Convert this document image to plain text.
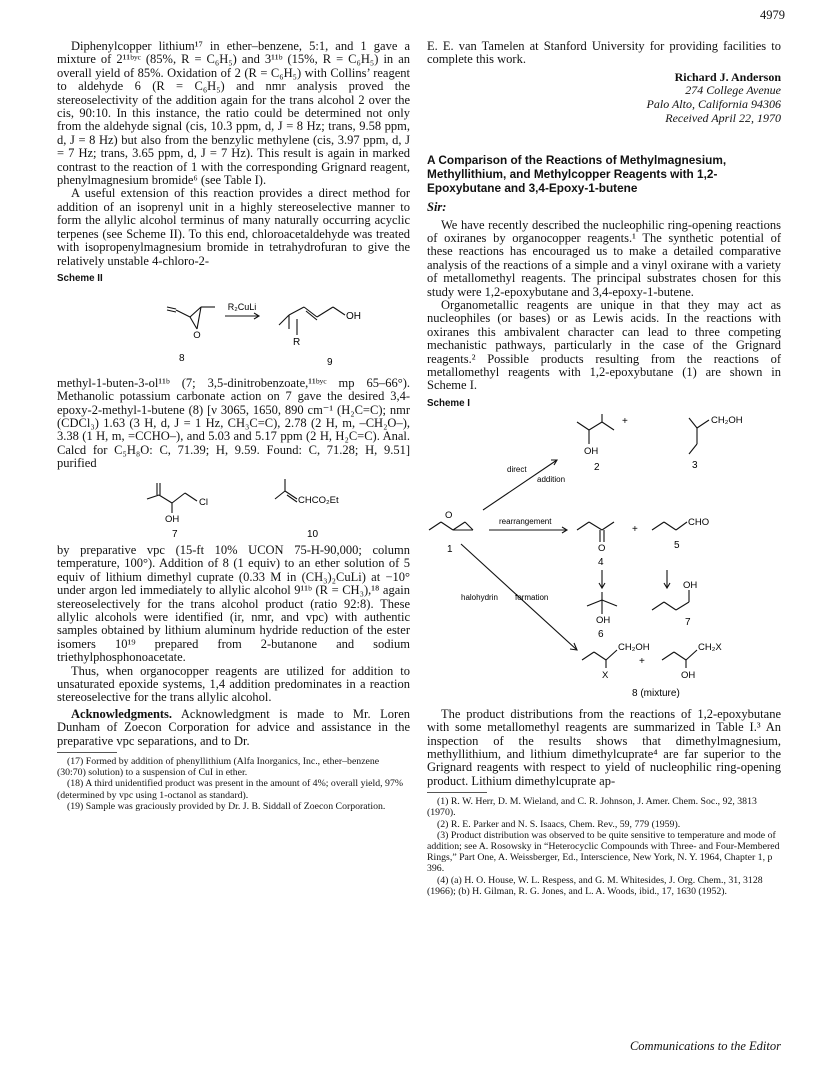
4979

Diphenylcopper lithium¹⁷ in ether–benzene, 5:1, and 1 gave a mixture of 2¹¹ᵇʸᶜ (85%, R = C₆H₅) and 3¹¹ᵇ (15%, R = C₆H₅) in an overall yield of 85%. Oxidation of 2 (R = C₆H₅) with Collins’ reagent to aldehyde 6 (R = C₆H₅) and nmr analysis proved the stereoselectivity of the addition again for the trans alcohol 2 over the cis, 90:10. In this instance, the ratio could be determined not only from the aldehyde signal (cis, 10.3 ppm, d, J = 8 Hz; trans, 9.58 ppm, d, J = 8 Hz) but also from the benzylic methylene (cis, 3.97 ppm, d, J = 7 Hz; trans, 3.65 ppm, d, J = 7 Hz). This result is again in marked contrast to the reaction of 1 with the corresponding Grignard reagent, phenylmagnesium bromide⁶ (see Table I).

A useful extension of this reaction provides a direct method for addition of an isoprenyl unit in a highly stereoselective manner to form the allylic alcohol terminus of many naturally occurring acyclic terpenes (see Scheme II). To this end, chloroacetaldehyde was treated with isopropenylmagnesium bromide in tetrahydrofuran to give the relatively unstable 4-chloro-2-

Scheme II
O
R₂CuLi
OH
R
8	9

methyl-1-buten-3-ol¹¹ᵇ (7; 3,5-dinitrobenzoate,¹¹ᵇʸᶜ mp 65–66°). Methanolic potassium carbonate action on 7 gave the desired 3,4-epoxy-2-methyl-1-butene (8) [ν 3065, 1650, 890 cm⁻¹ (H₂C=C); nmr (CDCl₃) 1.63 (3 H, d, J = 1 Hz, CH₃C=C), 2.78 (2 H, m, –CH₂O–), 3.38 (1 H, m, =CCHO–), and 5.03 and 5.17 ppm (2 H, H₂C=C). Anal. Calcd for C₅H₈O: C, 71.39; H, 9.59. Found: C, 71.28; H, 9.51] purified

Cl
OH
7
CHCO₂Et
10

by preparative vpc (15-ft 10% UCON 75-H-90,000; column temperature, 100°). Addition of 8 (1 equiv) to an ether solution of 5 equiv of lithium dimethyl cuprate (0.33 M in (CH₃)₂CuLi) at −10° under argon led immediately to allylic alcohol 9¹¹ᵇ (R = CH₃),¹⁸ again stereoselectively for the trans alcohol product (ratio 92:8). These allylic alcohols were identified (ir, nmr, and vpc) with authentic samples obtained by lithium aluminum hydride reduction of the ester isomers 10¹⁹ prepared from 2-butanone and sodium triethylphosphonoacetate.

Thus, when organocopper reagents are utilized for addition to unsaturated epoxide systems, 1,4 addition predominates in a reaction stereoselective for the trans allylic alcohol.

Acknowledgments. Acknowledgment is made to Mr. Loren Dunham of Zoecon Corporation for advice and assistance in the preparative vpc separations, and to Dr.

(17) Formed by addition of phenyllithium (Alfa Inorganics, Inc., ether–benzene (30:70) solution) to a suspension of CuI in ether.
(18) A third unidentified product was present in the amount of 4%; overall yield, 97% (determined by vpc using 1-octanol as standard).
(19) Sample was graciously provided by Dr. J. B. Siddall of Zoecon Corporation.

E. E. van Tamelen at Stanford University for providing facilities to complete this work.

Richard J. Anderson
274 College Avenue
Palo Alto, California 94306
Received April 22, 1970
A Comparison of the Reactions of Methylmagnesium, Methyllithium, and Methylcopper Reagents with 1,2-Epoxybutane and 3,4-Epoxy-1-butene
Sir:

We have recently described the nucleophilic ring-opening reactions of oxiranes by organocopper reagents.¹ The synthetic potential of these reactions has encouraged us to make a detailed comparative analysis of the reactions of a simple and a vinyl oxirane with a variety of metallomethyl reagents. The principal substrates chosen for this study were 1,2-epoxybutane and 3,4-epoxy-1-butene.

Organometallic reagents are unique in that they may act as nucleophiles (or bases) or as Lewis acids. In the reactions with oxiranes this ambivalent character can lead to three competing mechanistic pathways, particularly in the case of the Grignard reagents.² Possible products resulting from the reactions of metallomethyl reagents with 1,2-epoxybutane (1) are shown in Scheme I.

Scheme I
OH
+	CH₂OH
2	3
direct
addition
O
rearrangement
1
+
CHO
O
4
5
halohydrin formation
OH
OH
6
7
CH₂OH
+
CH₂X
X	OH
8 (mixture)

The product distributions from the reactions of 1,2-epoxybutane with some metallomethyl reagents are summarized in Table I.³ An inspection of the results shows that dimethylmagnesium, methyllithium, and lithium dimethylcuprate⁴ are far superior to the Grignard reagents with respect to yield of nucleophilic ring-opening product. Lithium dimethylcuprate ap-

(1) R. W. Herr, D. M. Wieland, and C. R. Johnson, J. Amer. Chem. Soc., 92, 3813 (1970).
(2) R. E. Parker and N. S. Isaacs, Chem. Rev., 59, 779 (1959).
(3) Product distribution was observed to be quite sensitive to temperature and mode of addition; see A. Rosowsky in “Heterocyclic Compounds with Three- and Four-Membered Rings,” Part One, A. Weissberger, Ed., Interscience, New York, N. Y. 1964, Chapter 1, p 396.
(4) (a) H. O. House, W. L. Respess, and G. M. Whitesides, J. Org. Chem., 31, 3128 (1966); (b) H. Gilman, R. G. Jones, and L. A. Woods, ibid., 17, 1630 (1952).
Communications to the Editor
